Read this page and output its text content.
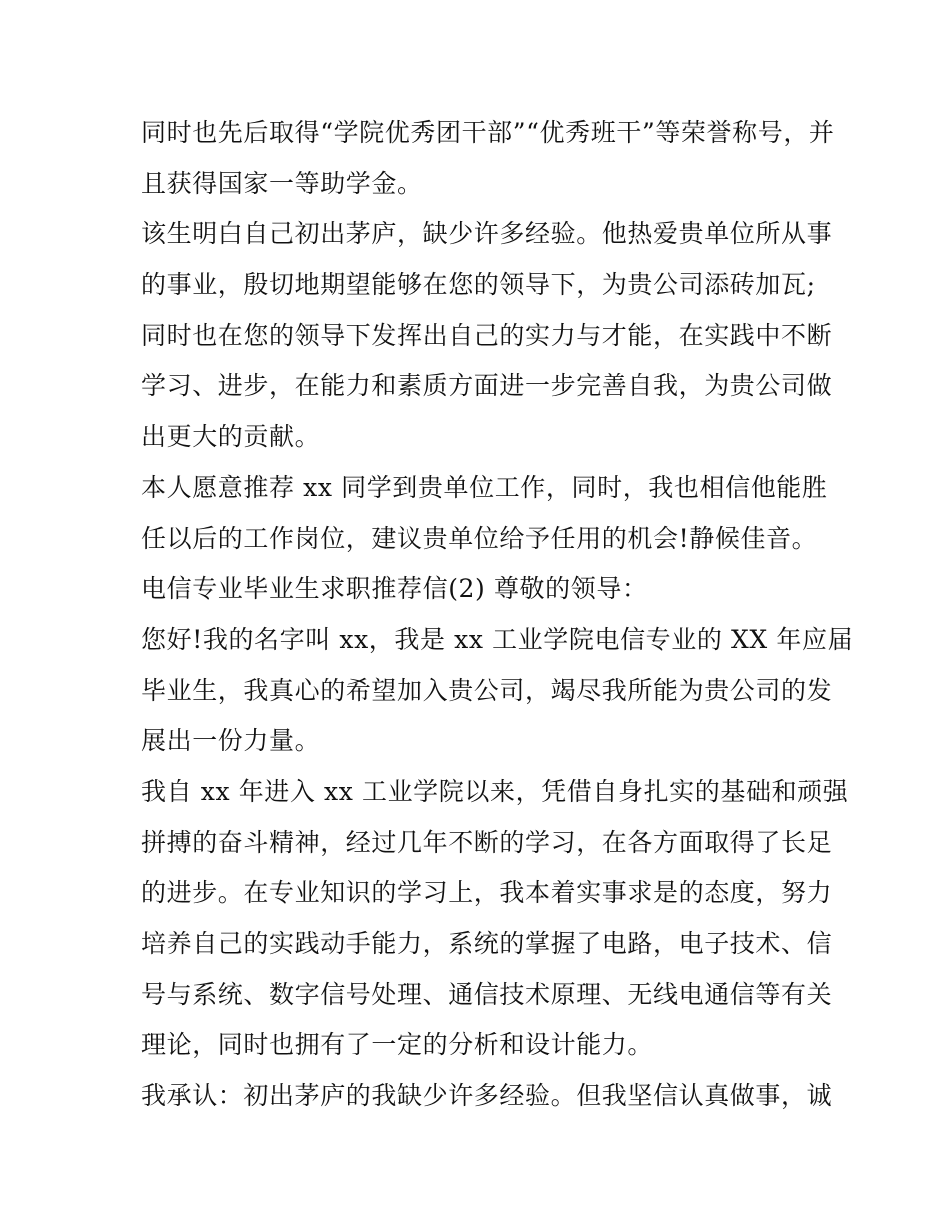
同时也先后取得“学院优秀团干部”“优秀班干”等荣誉称号，并
且获得国家一等助学金。
该生明白自己初出茅庐，缺少许多经验。他热爱贵单位所从事
的事业，殷切地期望能够在您的领导下，为贵公司添砖加瓦;
同时也在您的领导下发挥出自己的实力与才能，在实践中不断
学习、进步，在能力和素质方面进一步完善自我，为贵公司做
出更大的贡献。
本人愿意推荐 xx 同学到贵单位工作，同时，我也相信他能胜
任以后的工作岗位，建议贵单位给予任用的机会!静候佳音。
电信专业毕业生求职推荐信(2) 尊敬的领导：
您好!我的名字叫 xx，我是 xx 工业学院电信专业的 XX 年应届
毕业生，我真心的希望加入贵公司，竭尽我所能为贵公司的发
展出一份力量。
我自 xx 年进入 xx 工业学院以来，凭借自身扎实的基础和顽强
拼搏的奋斗精神，经过几年不断的学习，在各方面取得了长足
的进步。在专业知识的学习上，我本着实事求是的态度，努力
培养自己的实践动手能力，系统的掌握了电路，电子技术、信
号与系统、数字信号处理、通信技术原理、无线电通信等有关
理论，同时也拥有了一定的分析和设计能力。
我承认：初出茅庐的我缺少许多经验。但我坚信认真做事，诚
